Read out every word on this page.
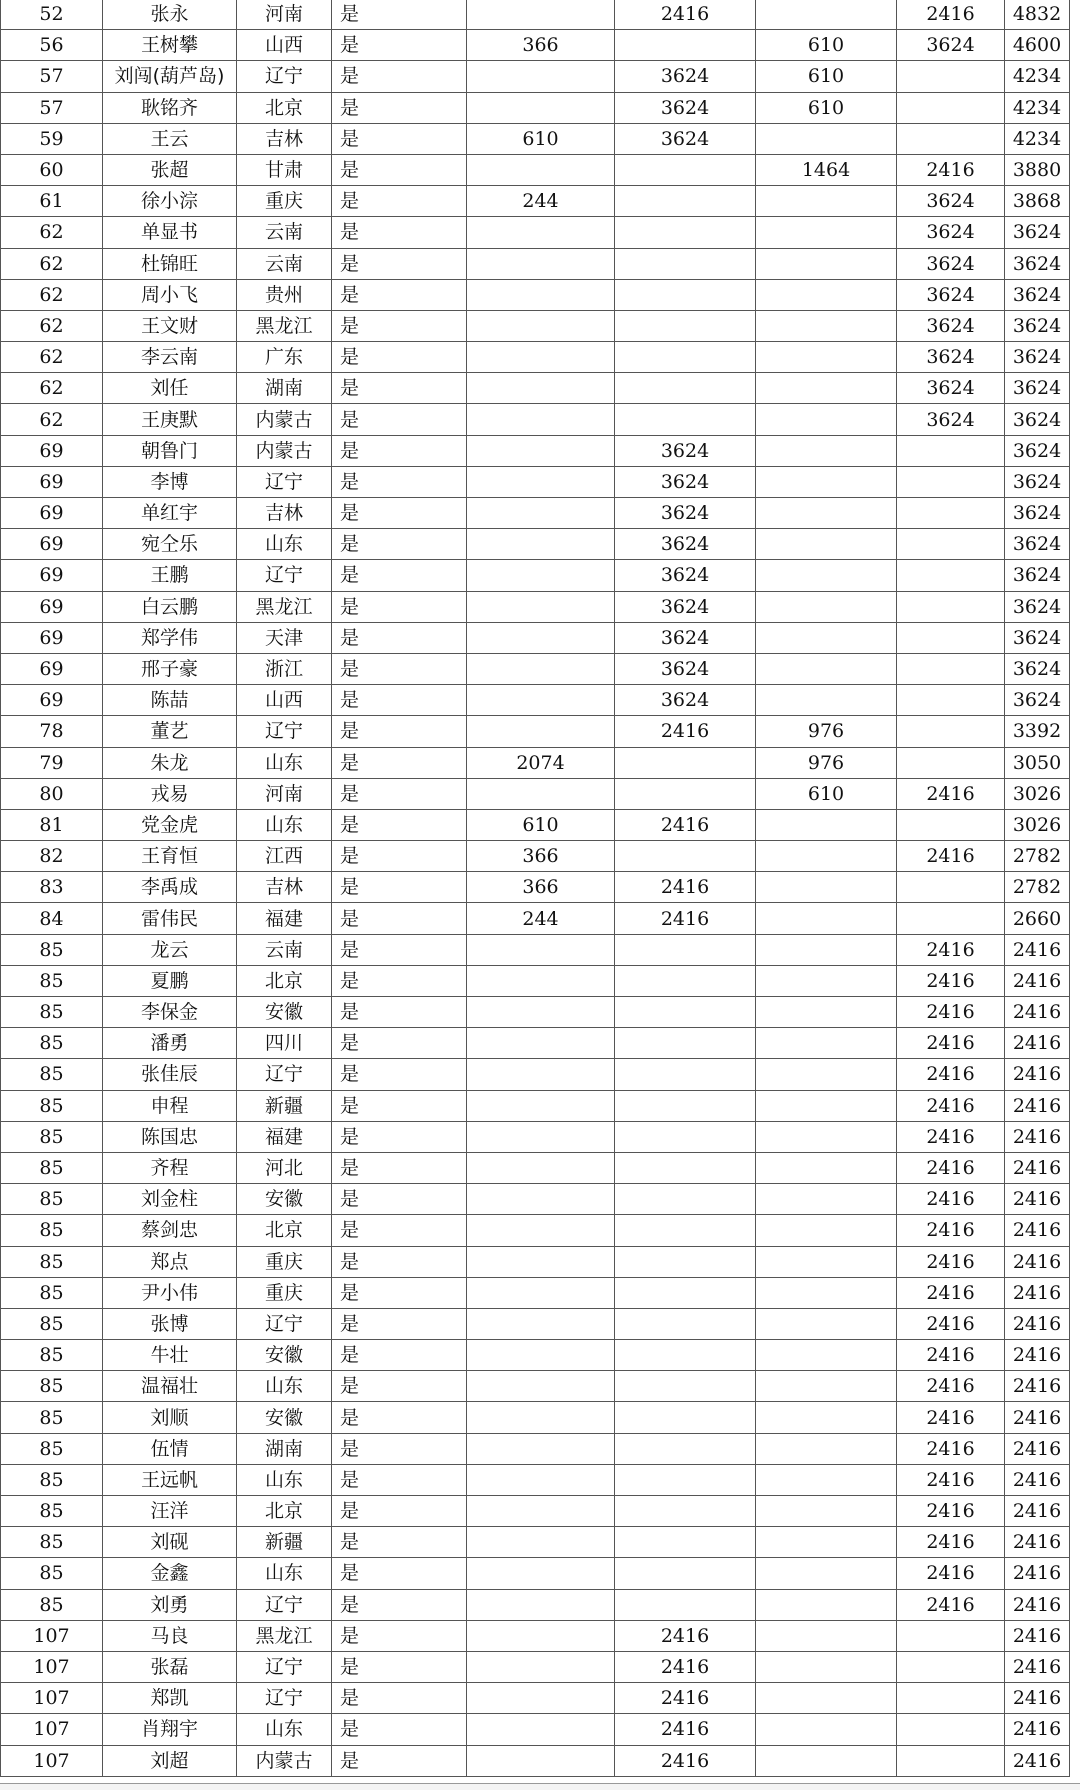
52	张永	河南	是		2416		2416	4832	
56	王树攀	山西	是	366		610	3624	4600	
57	刘闯(葫芦岛)	辽宁	是		3624	610		4234	
57	耿铭齐	北京	是		3624	610		4234	
59	王云	吉林	是	610	3624			4234	
60	张超	甘肃	是			1464	2416	3880	
61	徐小淙	重庆	是	244			3624	3868	
62	单显书	云南	是				3624	3624	
62	杜锦旺	云南	是				3624	3624	
62	周小飞	贵州	是				3624	3624	
62	王文财	黑龙江	是				3624	3624	
62	李云南	广东	是				3624	3624	
62	刘任	湖南	是				3624	3624	
62	王庚默	内蒙古	是				3624	3624	
69	朝鲁门	内蒙古	是		3624			3624	
69	李博	辽宁	是		3624			3624	
69	单红宇	吉林	是		3624			3624	
69	宛仝乐	山东	是		3624			3624	
69	王鹏	辽宁	是		3624			3624	
69	白云鹏	黑龙江	是		3624			3624	
69	郑学伟	天津	是		3624			3624	
69	邢子豪	浙江	是		3624			3624	
69	陈喆	山西	是		3624			3624	
78	董艺	辽宁	是		2416	976		3392	
79	朱龙	山东	是	2074		976		3050	
80	戎易	河南	是			610	2416	3026	
81	党金虎	山东	是	610	2416			3026	
82	王育恒	江西	是	366			2416	2782	
83	李禹成	吉林	是	366	2416			2782	
84	雷伟民	福建	是	244	2416			2660	
85	龙云	云南	是				2416	2416	
85	夏鹏	北京	是				2416	2416	
85	李保金	安徽	是				2416	2416	
85	潘勇	四川	是				2416	2416	
85	张佳辰	辽宁	是				2416	2416	
85	申程	新疆	是				2416	2416	
85	陈国忠	福建	是				2416	2416	
85	齐程	河北	是				2416	2416	
85	刘金柱	安徽	是				2416	2416	
85	蔡剑忠	北京	是				2416	2416	
85	郑点	重庆	是				2416	2416	
85	尹小伟	重庆	是				2416	2416	
85	张博	辽宁	是				2416	2416	
85	牛壮	安徽	是				2416	2416	
85	温福壮	山东	是				2416	2416	
85	刘顺	安徽	是				2416	2416	
85	伍情	湖南	是				2416	2416	
85	王远帆	山东	是				2416	2416	
85	汪洋	北京	是				2416	2416	
85	刘砚	新疆	是				2416	2416	
85	金鑫	山东	是				2416	2416	
85	刘勇	辽宁	是				2416	2416	
107	马良	黑龙江	是		2416			2416	
107	张磊	辽宁	是		2416			2416	
107	郑凯	辽宁	是		2416			2416	
107	肖翔宇	山东	是		2416			2416	
107	刘超	内蒙古	是		2416			2416	
